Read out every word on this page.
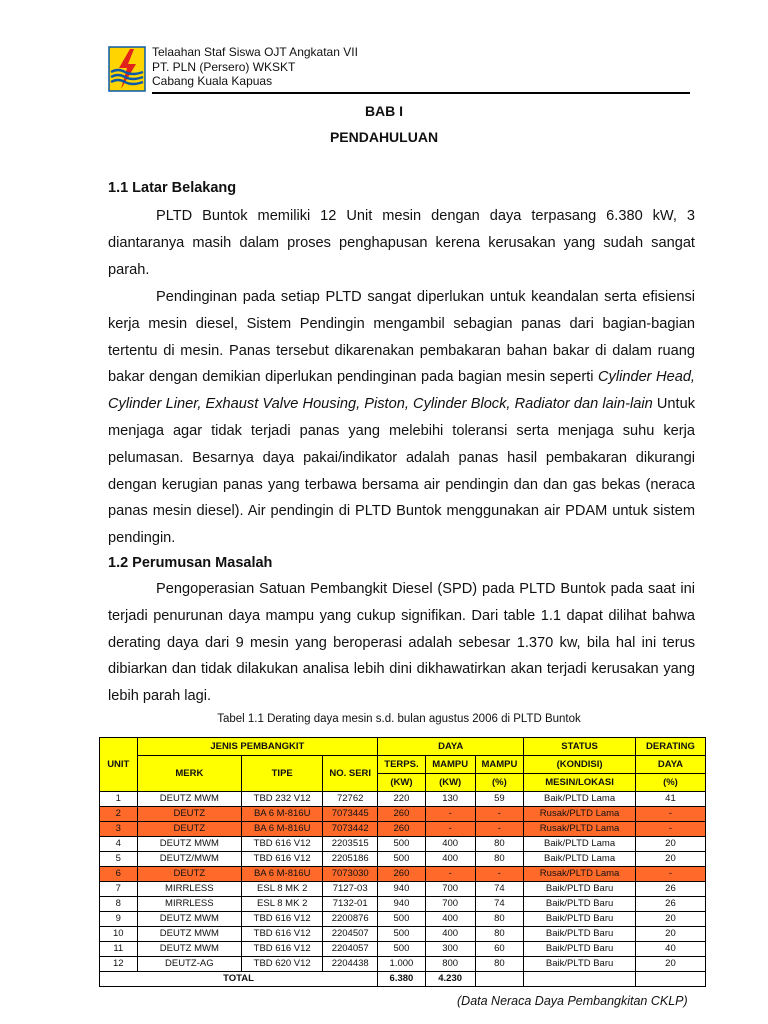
Telaahan Staf Siswa OJT Angkatan VII
PT. PLN (Persero) WKSKT
Cabang Kuala Kapuas
BAB I
PENDAHULUAN
1.1 Latar Belakang

PLTD Buntok memiliki 12 Unit mesin dengan daya terpasang 6.380 kW, 3 diantaranya masih dalam proses penghapusan kerena kerusakan yang sudah sangat parah.

Pendinginan pada setiap PLTD sangat diperlukan untuk keandalan serta efisiensi kerja mesin diesel, Sistem Pendingin mengambil sebagian panas dari bagian-bagian tertentu di mesin. Panas tersebut dikarenakan pembakaran bahan bakar di dalam ruang bakar dengan demikian diperlukan pendinginan pada bagian mesin seperti Cylinder Head, Cylinder Liner, Exhaust Valve Housing, Piston, Cylinder Block, Radiator dan lain-lain Untuk menjaga agar tidak terjadi panas yang melebihi toleransi serta menjaga suhu kerja pelumasan. Besarnya daya pakai/indikator adalah panas hasil pembakaran dikurangi dengan kerugian panas yang terbawa bersama air pendingin dan dan gas bekas (neraca panas mesin diesel). Air pendingin di PLTD Buntok menggunakan air PDAM untuk sistem pendingin.

1.2 Perumusan Masalah

Pengoperasian Satuan Pembangkit Diesel (SPD) pada PLTD Buntok pada saat ini terjadi penurunan daya mampu yang cukup signifikan. Dari table 1.1 dapat dilihat bahwa derating daya dari 9 mesin yang beroperasi adalah sebesar 1.370 kw, bila hal ini terus dibiarkan dan tidak dilakukan analisa lebih dini dikhawatirkan akan terjadi kerusakan yang lebih parah lagi.

Tabel 1.1 Derating daya mesin s.d. bulan agustus 2006 di PLTD Buntok
UNIT	JENIS PEMBANGKIT			DAYA			STATUS	DERATING
	MERK	TIPE	NO. SERI	TERPS.	MAMPU	MAMPU	(KONDISI)	DAYA
				(KW)	(KW)	(%)	MESIN/LOKASI	(%)
1	DEUTZ MWM	TBD 232 V12	72762	220	130	59	Baik/PLTD Lama	41
2	DEUTZ	BA 6 M-816U	7073445	260	-	-	Rusak/PLTD Lama	-
3	DEUTZ	BA 6 M-816U	7073442	260	-	-	Rusak/PLTD Lama	-
4	DEUTZ MWM	TBD 616 V12	2203515	500	400	80	Baik/PLTD Lama	20
5	DEUTZ/MWM	TBD 616 V12	2205186	500	400	80	Baik/PLTD Lama	20
6	DEUTZ	BA 6 M-816U	7073030	260	-	-	Rusak/PLTD Lama	-
7	MIRRLESS	ESL 8 MK 2	7127-03	940	700	74	Baik/PLTD Baru	26
8	MIRRLESS	ESL 8 MK 2	7132-01	940	700	74	Baik/PLTD Baru	26
9	DEUTZ MWM	TBD 616 V12	2200876	500	400	80	Baik/PLTD Baru	20
10	DEUTZ MWM	TBD 616 V12	2204507	500	400	80	Baik/PLTD Baru	20
11	DEUTZ MWM	TBD 616 V12	2204057	500	300	60	Baik/PLTD Baru	40
12	DEUTZ-AG	TBD 620 V12	2204438	1.000	800	80	Baik/PLTD Baru	20
TOTAL				6.380	4.230			
(Data Neraca Daya Pembangkitan CKLP)
